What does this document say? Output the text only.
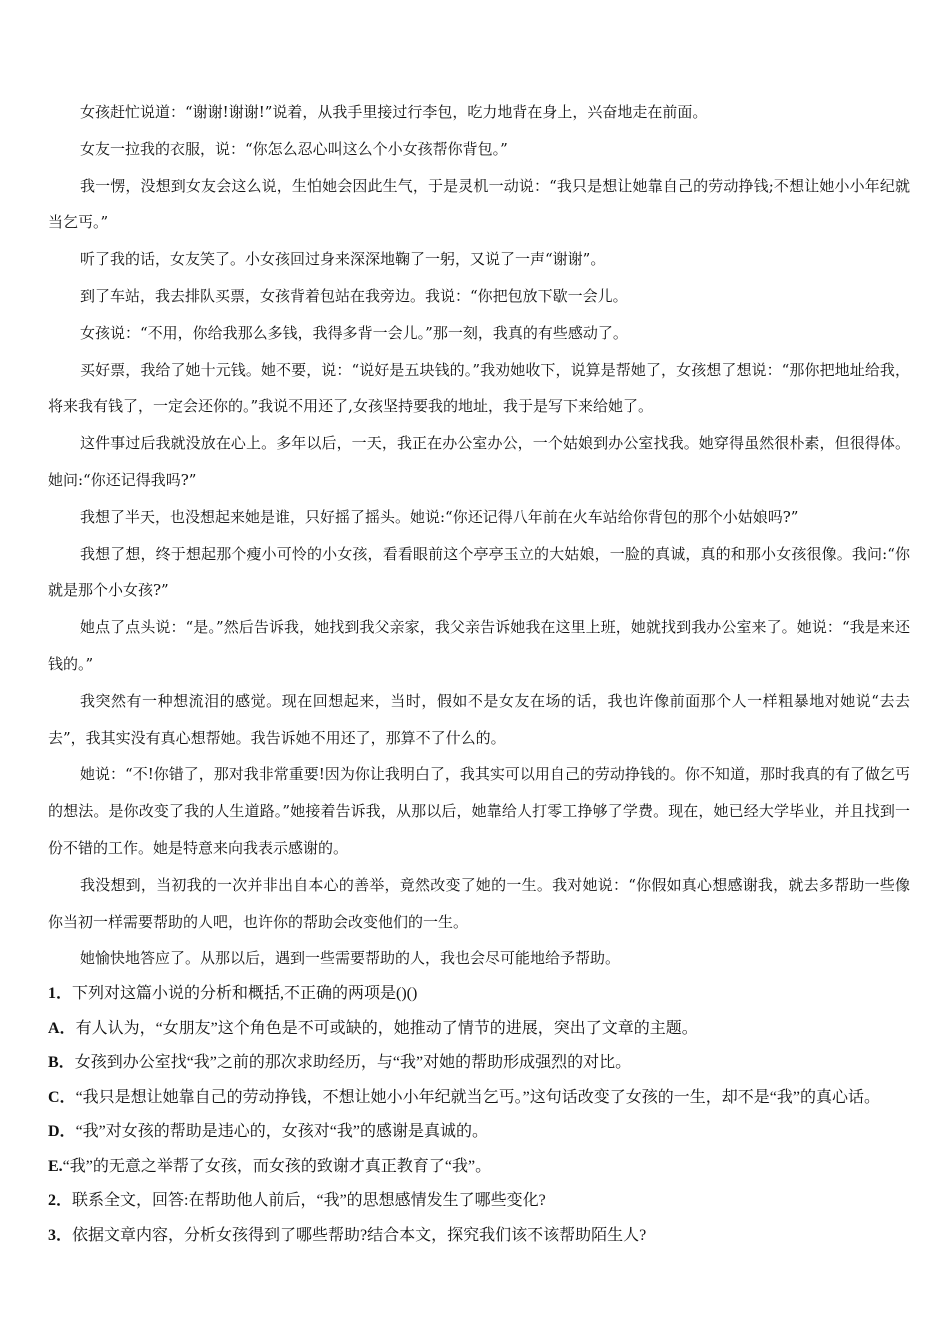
女孩赶忙说道：“谢谢!谢谢!”说着，从我手里接过行李包，吃力地背在身上，兴奋地走在前面。

女友一拉我的衣服，说：“你怎么忍心叫这么个小女孩帮你背包。”

我一愣，没想到女友会这么说，生怕她会因此生气，于是灵机一动说：“我只是想让她靠自己的劳动挣钱;不想让她小小年纪就当乞丐。”

听了我的话，女友笑了。小女孩回过身来深深地鞠了一躬，又说了一声“谢谢”。

到了车站，我去排队买票，女孩背着包站在我旁边。我说：“你把包放下歇一会儿。

女孩说：“不用，你给我那么多钱，我得多背一会儿。”那一刻，我真的有些感动了。

买好票，我给了她十元钱。她不要，说：“说好是五块钱的。”我劝她收下，说算是帮她了，女孩想了想说：“那你把地址给我，将来我有钱了，一定会还你的。”我说不用还了,女孩坚持要我的地址，我于是写下来给她了。

这件事过后我就没放在心上。多年以后，一天，我正在办公室办公，一个姑娘到办公室找我。她穿得虽然很朴素，但很得体。她问:“你还记得我吗?”

我想了半天，也没想起来她是谁，只好摇了摇头。她说:“你还记得八年前在火车站给你背包的那个小姑娘吗?”

我想了想，终于想起那个瘦小可怜的小女孩，看看眼前这个亭亭玉立的大姑娘，一脸的真诚，真的和那小女孩很像。我问:“你就是那个小女孩?”

她点了点头说：“是。”然后告诉我，她找到我父亲家，我父亲告诉她我在这里上班，她就找到我办公室来了。她说：“我是来还钱的。”

我突然有一种想流泪的感觉。现在回想起来，当时，假如不是女友在场的话，我也许像前面那个人一样粗暴地对她说“去去去”，我其实没有真心想帮她。我告诉她不用还了，那算不了什么的。

她说：“不!你错了，那对我非常重要!因为你让我明白了，我其实可以用自己的劳动挣钱的。你不知道，那时我真的有了做乞丐的想法。是你改变了我的人生道路。”她接着告诉我，从那以后，她靠给人打零工挣够了学费。现在，她已经大学毕业，并且找到一份不错的工作。她是特意来向我表示感谢的。

我没想到，当初我的一次并非出自本心的善举，竟然改变了她的一生。我对她说：“你假如真心想感谢我，就去多帮助一些像你当初一样需要帮助的人吧，也许你的帮助会改变他们的一生。

她愉快地答应了。从那以后，遇到一些需要帮助的人，我也会尽可能地给予帮助。

1．下列对这篇小说的分析和概括,不正确的两项是()()

A．有人认为，“女朋友”这个角色是不可或缺的，她推动了情节的进展，突出了文章的主题。

B．女孩到办公室找“我”之前的那次求助经历，与“我”对她的帮助形成强烈的对比。

C．“我只是想让她靠自己的劳动挣钱，不想让她小小年纪就当乞丐。”这句话改变了女孩的一生，却不是“我”的真心话。

D．“我”对女孩的帮助是违心的，女孩对“我”的感谢是真诚的。

E.“我”的无意之举帮了女孩，而女孩的致谢才真正教育了“我”。

2．联系全文，回答:在帮助他人前后，“我”的思想感情发生了哪些变化?

3．依据文章内容，分析女孩得到了哪些帮助?结合本文，探究我们该不该帮助陌生人?
